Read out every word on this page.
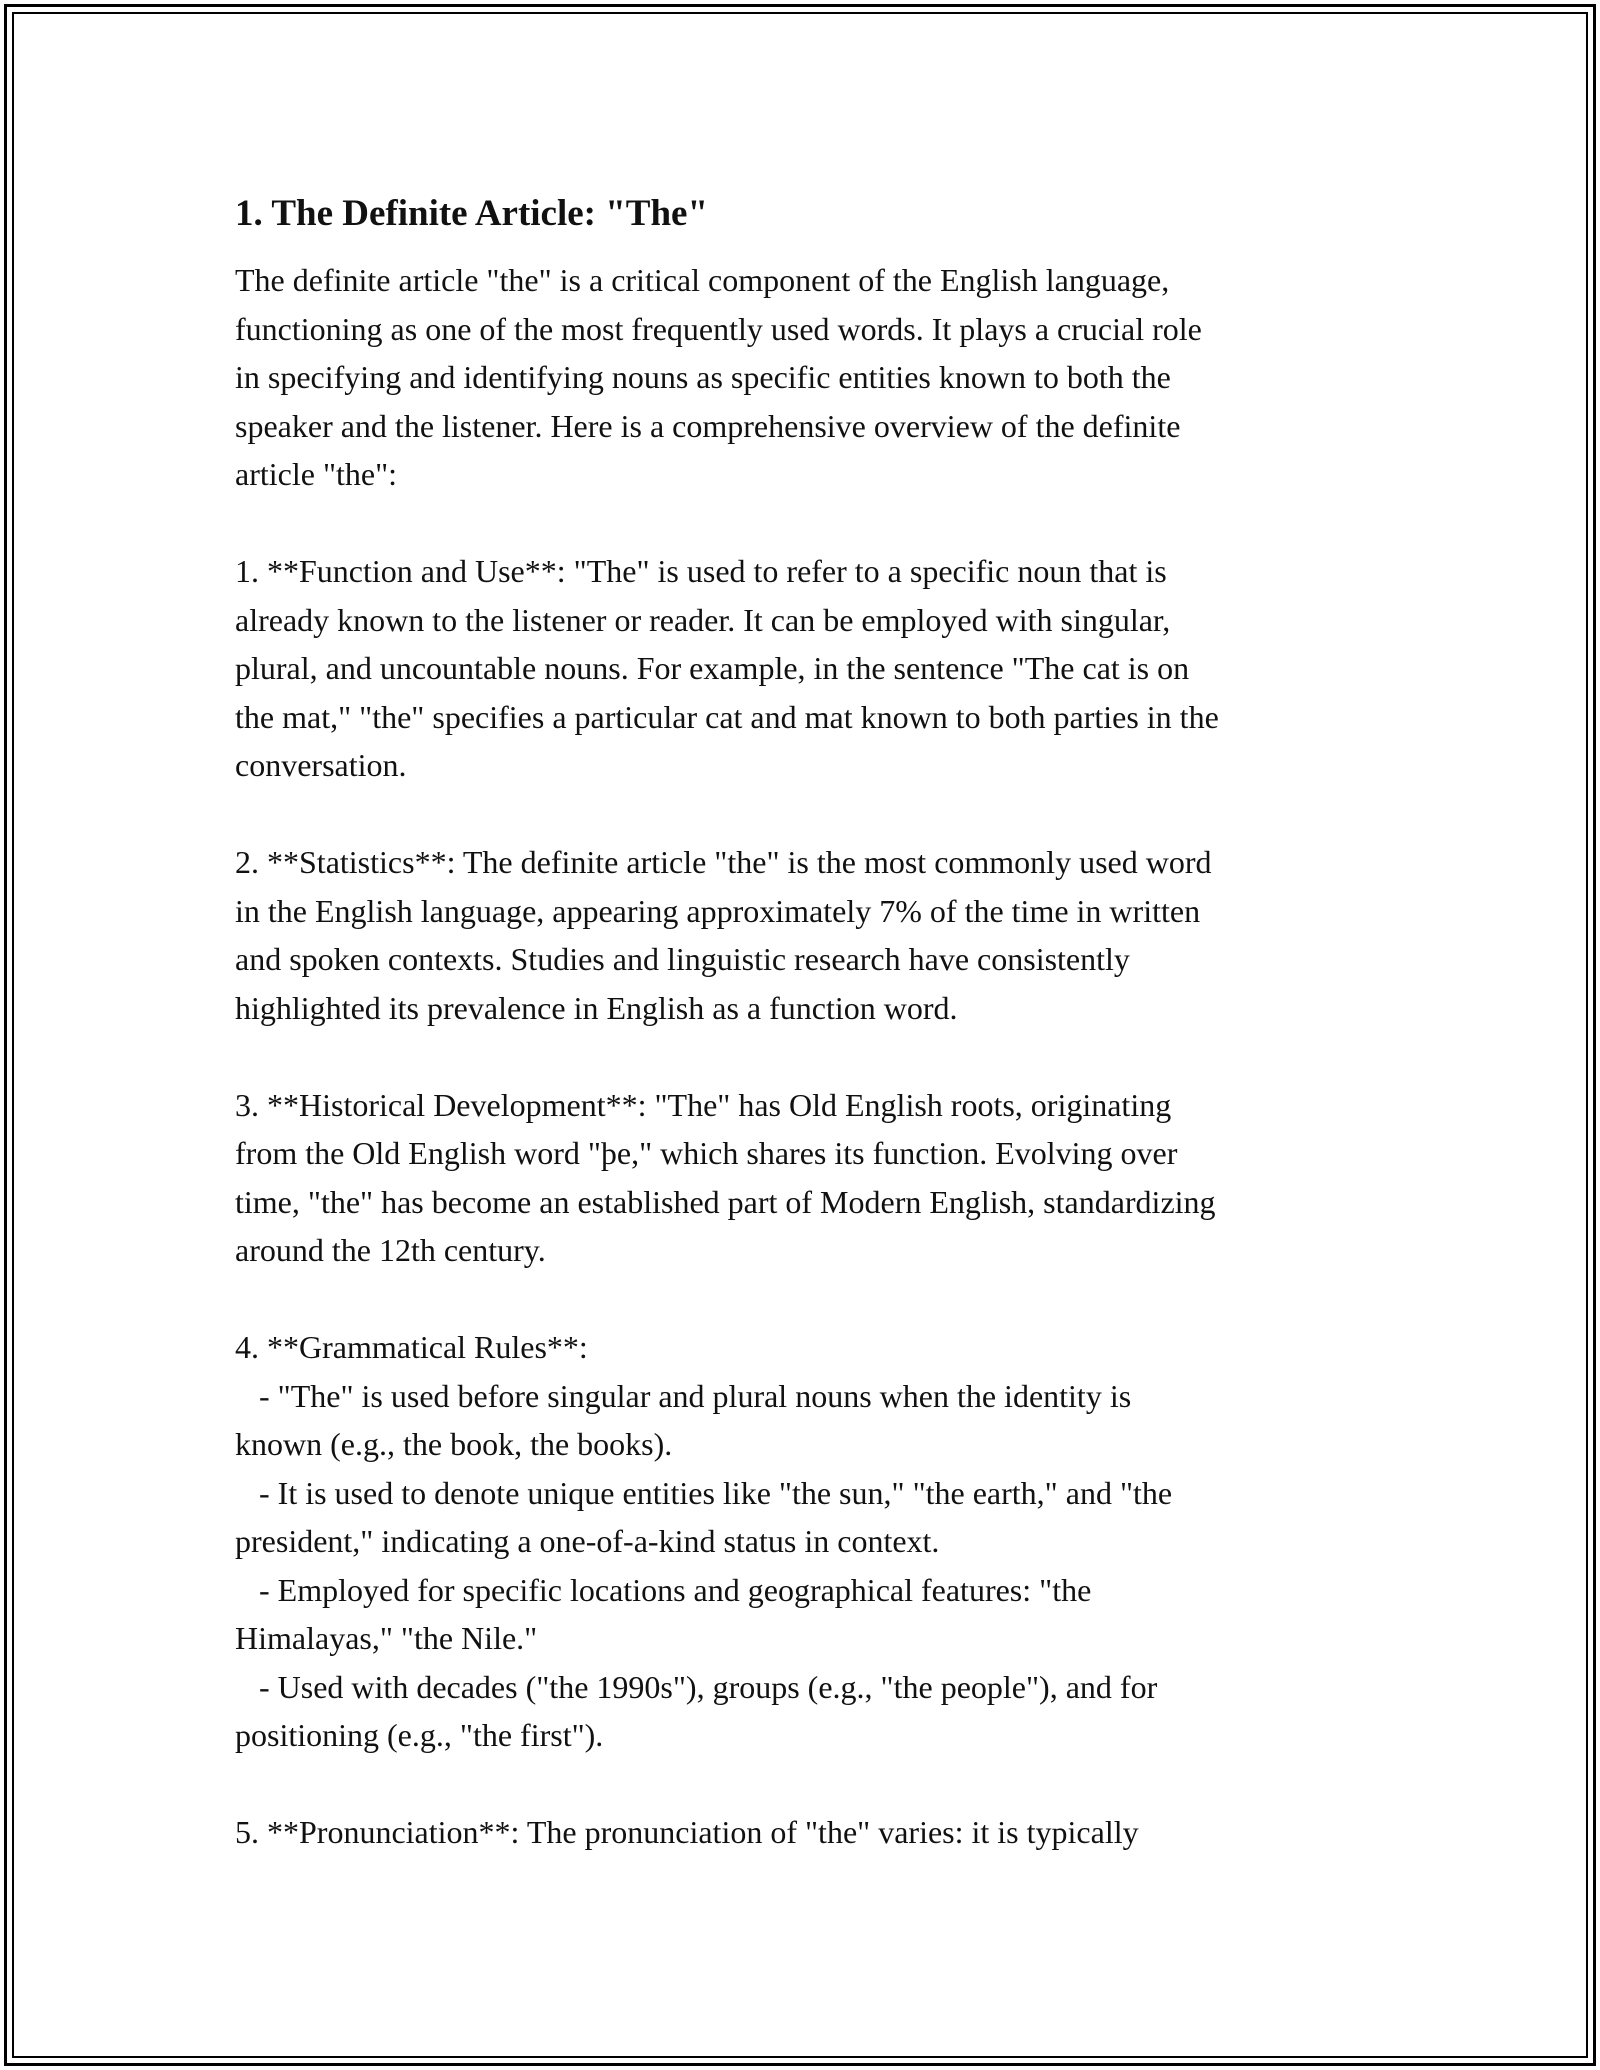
1. The Definite Article: "The"
The definite article "the" is a critical component of the English language,
functioning as one of the most frequently used words. It plays a crucial role
in specifying and identifying nouns as specific entities known to both the
speaker and the listener. Here is a comprehensive overview of the definite
article "the":

1. **Function and Use**: "The" is used to refer to a specific noun that is
already known to the listener or reader. It can be employed with singular,
plural, and uncountable nouns. For example, in the sentence "The cat is on
the mat," "the" specifies a particular cat and mat known to both parties in the
conversation.

2. **Statistics**: The definite article "the" is the most commonly used word
in the English language, appearing approximately 7% of the time in written
and spoken contexts. Studies and linguistic research have consistently
highlighted its prevalence in English as a function word.

3. **Historical Development**: "The" has Old English roots, originating
from the Old English word "þe," which shares its function. Evolving over
time, "the" has become an established part of Modern English, standardizing
around the 12th century.

4. **Grammatical Rules**:
- "The" is used before singular and plural nouns when the identity is
known (e.g., the book, the books).
- It is used to denote unique entities like "the sun," "the earth," and "the
president," indicating a one-of-a-kind status in context.
- Employed for specific locations and geographical features: "the
Himalayas," "the Nile."
- Used with decades ("the 1990s"), groups (e.g., "the people"), and for
positioning (e.g., "the first").

5. **Pronunciation**: The pronunciation of "the" varies: it is typically
